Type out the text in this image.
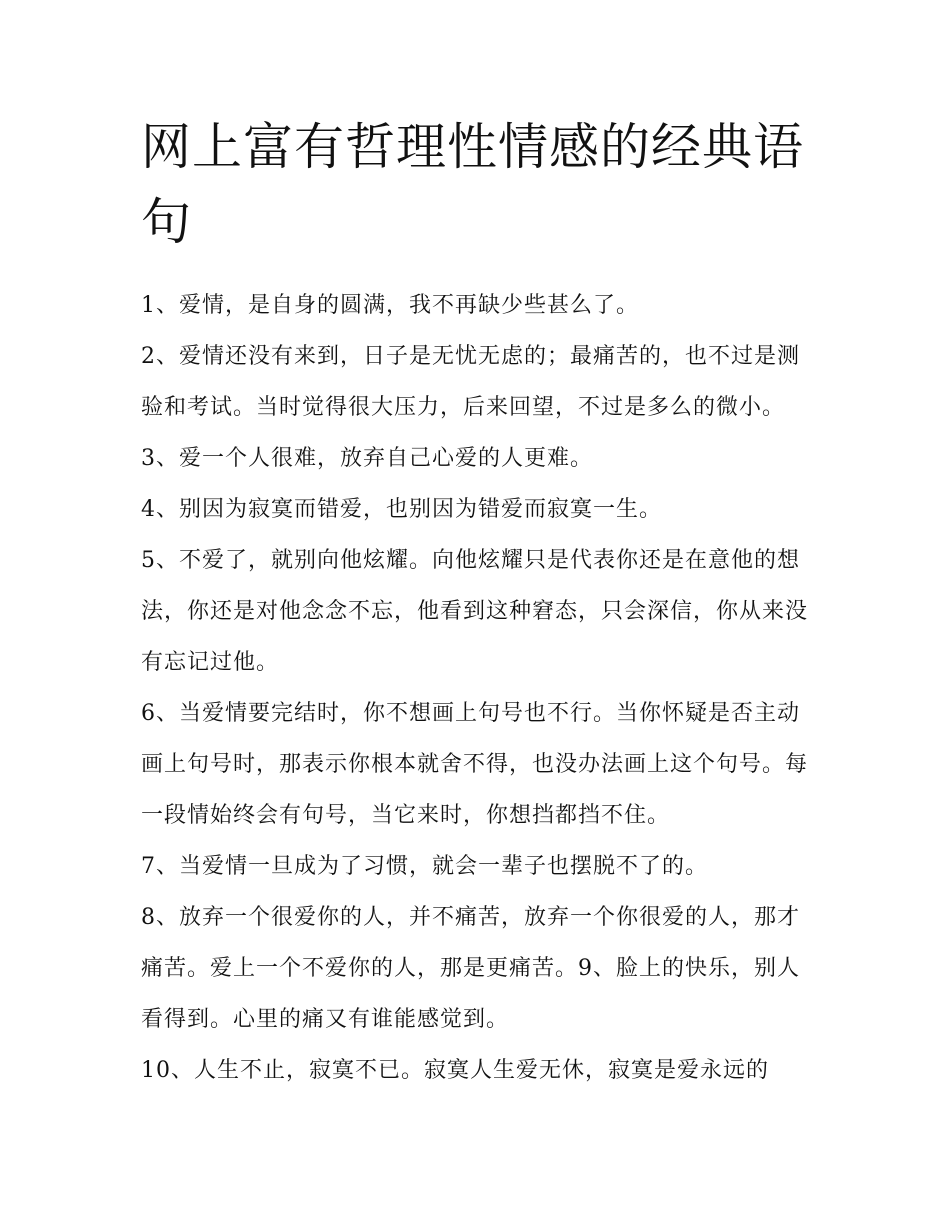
网上富有哲理性情感的经典语句

1、爱情，是自身的圆满，我不再缺少些甚么了。

2、爱情还没有来到，日子是无忧无虑的；最痛苦的，也不过是测验和考试。当时觉得很大压力，后来回望，不过是多么的微小。 3、爱一个人很难，放弃自己心爱的人更难。

4、别因为寂寞而错爱，也别因为错爱而寂寞一生。

5、不爱了，就别向他炫耀。向他炫耀只是代表你还是在意他的想法，你还是对他念念不忘，他看到这种窘态，只会深信，你从来没有忘记过他。

6、当爱情要完结时，你不想画上句号也不行。当你怀疑是否主动画上句号时，那表示你根本就舍不得，也没办法画上这个句号。每一段情始终会有句号，当它来时，你想挡都挡不住。

7、当爱情一旦成为了习惯，就会一辈子也摆脱不了的。

8、放弃一个很爱你的人，并不痛苦，放弃一个你很爱的人，那才痛苦。爱上一个不爱你的人，那是更痛苦。9、脸上的快乐，别人看得到。心里的痛又有谁能感觉到。

10、人生不止，寂寞不已。寂寞人生爱无休，寂寞是爱永远的
